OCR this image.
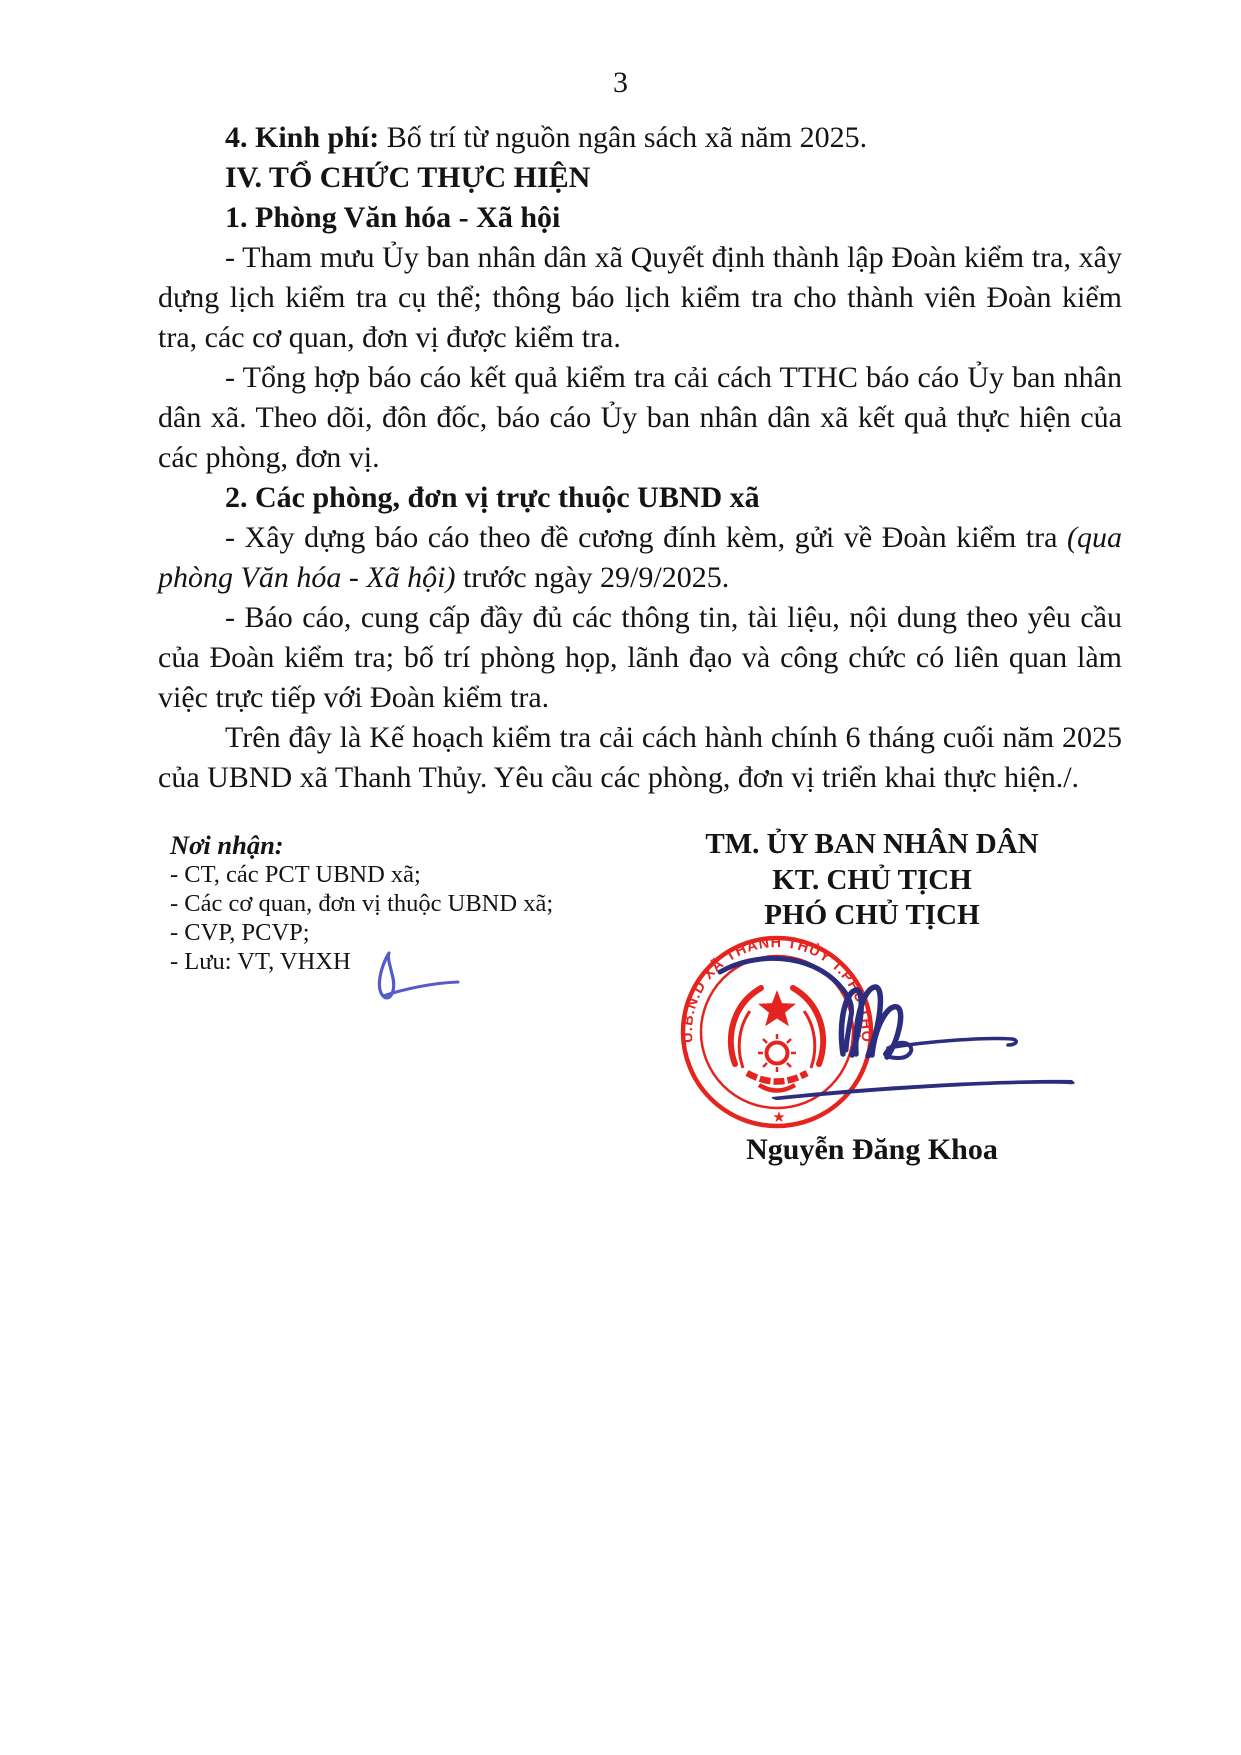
3

4. Kinh phí: Bố trí từ nguồn ngân sách xã năm 2025.

IV. TỔ CHỨC THỰC HIỆN

1. Phòng Văn hóa - Xã hội

- Tham mưu Ủy ban nhân dân xã Quyết định thành lập Đoàn kiểm tra, xây dựng lịch kiểm tra cụ thể; thông báo lịch kiểm tra cho thành viên Đoàn kiểm tra, các cơ quan, đơn vị được kiểm tra.

- Tổng hợp báo cáo kết quả kiểm tra cải cách TTHC báo cáo Ủy ban nhân dân xã. Theo dõi, đôn đốc, báo cáo Ủy ban nhân dân xã kết quả thực hiện của các phòng, đơn vị.

2. Các phòng, đơn vị trực thuộc UBND xã

- Xây dựng báo cáo theo đề cương đính kèm, gửi về Đoàn kiểm tra (qua phòng Văn hóa - Xã hội) trước ngày 29/9/2025.

- Báo cáo, cung cấp đầy đủ các thông tin, tài liệu, nội dung theo yêu cầu của Đoàn kiểm tra; bố trí phòng họp, lãnh đạo và công chức có liên quan làm việc trực tiếp với Đoàn kiểm tra.

Trên đây là Kế hoạch kiểm tra cải cách hành chính 6 tháng cuối năm 2025 của UBND xã Thanh Thủy. Yêu cầu các phòng, đơn vị triển khai thực hiện./.

Nơi nhận:
- CT, các PCT UBND xã;
- Các cơ quan, đơn vị thuộc UBND xã;
- CVP, PCVP;
- Lưu: VT, VHXH
TM. ỦY BAN NHÂN DÂN
KT. CHỦ TỊCH
PHÓ CHỦ TỊCH
U.B.N.D XÃ THANH THỦY T.PHÚ THỌ
★
Nguyễn Đăng Khoa
